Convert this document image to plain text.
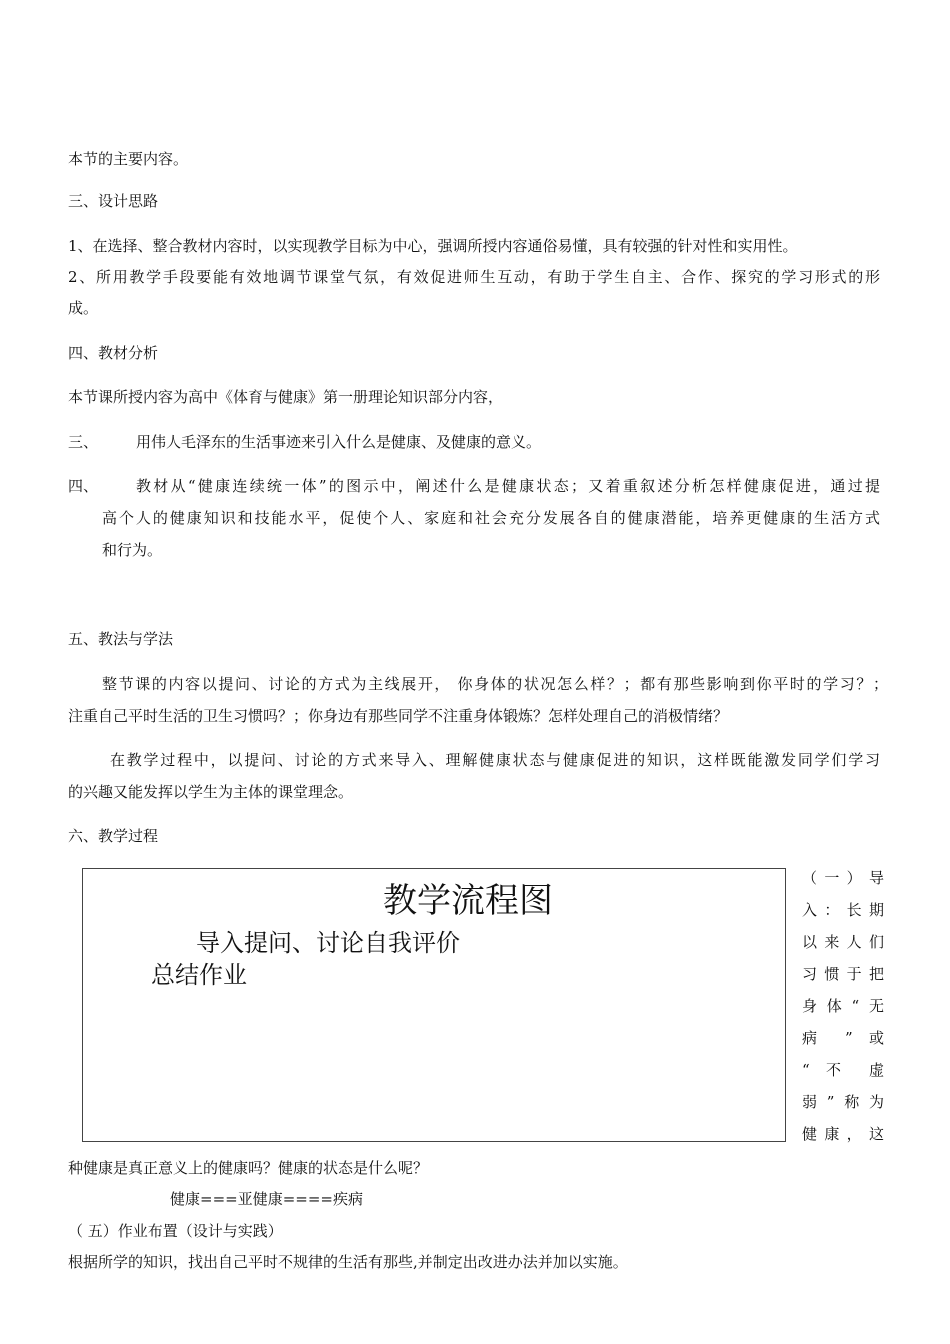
本节的主要内容。
三、设计思路
1、在选择、整合教材内容时，以实现教学目标为中心，强调所授内容通俗易懂，具有较强的针对性和实用性。
2、所用教学手段要能有效地调节课堂气氛，有效促进师生互动，有助于学生自主、合作、探究的学习形式的形
成。
四、教材分析
本节课所授内容为高中《体育与健康》第一册理论知识部分内容，
三、	用伟人毛泽东的生活事迹来引入什么是健康、及健康的意义。
四、	教材从“健康连续统一体”的图示中，阐述什么是健康状态；又着重叙述分析怎样健康促进，通过提
高个人的健康知识和技能水平，促使个人、家庭和社会充分发展各自的健康潜能，培养更健康的生活方式
和行为。
五、教法与学法
整节课的内容以提问、讨论的方式为主线展开， 你身体的状况怎么样？；都有那些影响到你平时的学习？；
注重自己平时生活的卫生习惯吗？；你身边有那些同学不注重身体锻炼？怎样处理自己的消极情绪？
在教学过程中，以提问、讨论的方式来导入、理解健康状态与健康促进的知识，这样既能激发同学们学习
的兴趣又能发挥以学生为主体的课堂理念。
六、教学过程
教学流程图
导入提问、讨论自我评价
总结作业
（一）导
入：长期
以来人们
习惯于把
身体“无
病 ” 或
“ 不 虚
弱”称为
健康，这
种健康是真正意义上的健康吗？健康的状态是什么呢？
健康===亚健康====疾病
（ 五）作业布置（设计与实践）
根据所学的知识，找出自己平时不规律的生活有那些,并制定出改进办法并加以实施。
